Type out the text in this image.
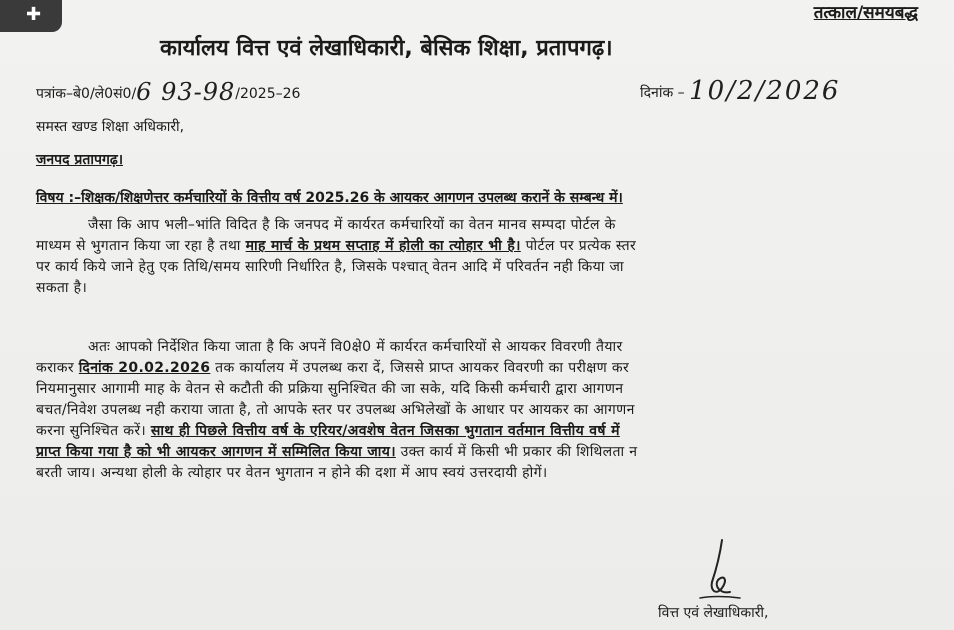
✚	तत्काल/समयबद्ध
कार्यालय वित्त एवं लेखाधिकारी, बेसिक शिक्षा, प्रतापगढ़।
पत्रांक–बे0/ले0सं0/6 93-98/2025–26	दिनांक – 10/2/2026
समस्त खण्ड शिक्षा अधिकारी,
जनपद प्रतापगढ़।
विषय :–शिक्षक/शिक्षणेत्तर कर्मचारियों के वित्तीय वर्ष 2025.26 के आयकर आगणन उपलब्ध करानें के सम्बन्ध में।
जैसा कि आप भली–भांति विदित है कि जनपद में कार्यरत कर्मचारियों का वेतन मानव सम्पदा पोर्टल के
माध्यम से भुगतान किया जा रहा है तथा माह मार्च के प्रथम सप्ताह में होली का त्योहार भी है। पोर्टल पर प्रत्येक स्तर
पर कार्य किये जाने हेतु एक तिथि/समय सारिणी निर्धारित है, जिसके पश्चात् वेतन आदि में परिवर्तन नही किया जा
सकता है।
अतः आपको निर्देशित किया जाता है कि अपनें वि0क्षे0 में कार्यरत कर्मचारियों से आयकर विवरणी तैयार
कराकर दिनांक 20.02.2026 तक कार्यालय में उपलब्ध करा दें, जिससे प्राप्त आयकर विवरणी का परीक्षण कर
नियमानुसार आगामी माह के वेतन से कटौती की प्रक्रिया सुनिश्चित की जा सके, यदि किसी कर्मचारी द्वारा आगणन
बचत/निवेश उपलब्ध नही कराया जाता है, तो आपके स्तर पर उपलब्ध अभिलेखों के आधार पर आयकर का आगणन
करना सुनिश्चित करें। साथ ही पिछले वित्तीय वर्ष के एरियर/अवशेष वेतन जिसका भुगतान वर्तमान वित्तीय वर्ष में
प्राप्त किया गया है को भी आयकर आगणन में सम्मिलित किया जाय। उक्त कार्य में किसी भी प्रकार की शिथिलता न
बरती जाय। अन्यथा होली के त्योहार पर वेतन भुगतान न होने की दशा में आप स्वयं उत्तरदायी होगें।
वित्त एवं लेखाधिकारी,
